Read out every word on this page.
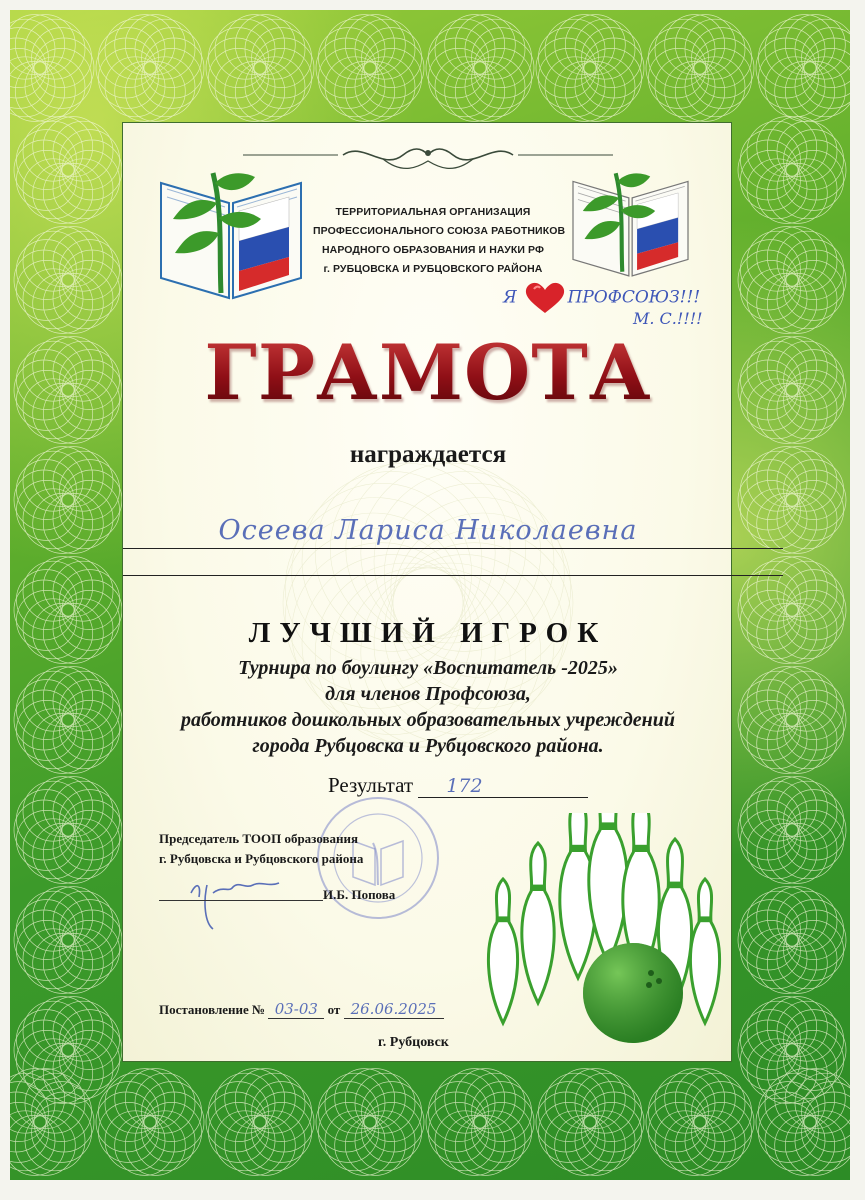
ТЕРРИТОРИАЛЬНАЯ ОРГАНИЗАЦИЯ
ПРОФЕССИОНАЛЬНОГО СОЮЗА РАБОТНИКОВ
НАРОДНОГО ОБРАЗОВАНИЯ И НАУКИ РФ
г. РУБЦОВСКА И РУБЦОВСКОГО РАЙОНА
Я	ПРОФСОЮЗ!!!
М. С.!!!!
ГРАМОТА
награждается
Осеева Лариса Николаевна
ЛУЧШИЙ ИГРОК
Турнира по боулингу «Воспитатель -2025»
для членов Профсоюза,
работников дошкольных образовательных учреждений
города Рубцовска и Рубцовского района.
Результат 172
Председатель ТООП образования
г. Рубцовска и Рубцовского района
И.Б. Попова
Постановление № 03-03 от 26.06.2025
г. Рубцовск
